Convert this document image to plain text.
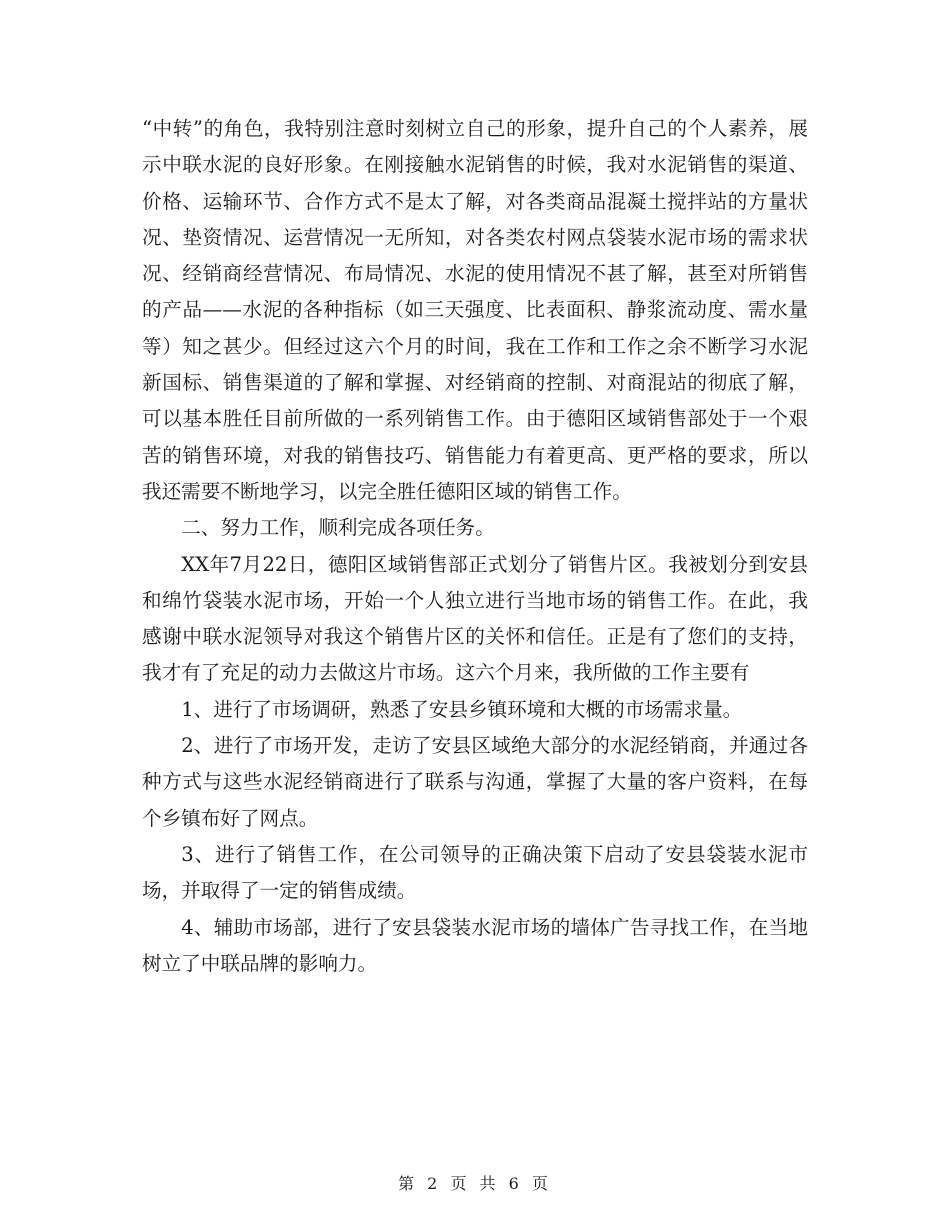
“中转”的角色，我特别注意时刻树立自己的形象，提升自己的个人素养，展示中联水泥的良好形象。在刚接触水泥销售的时候，我对水泥销售的渠道、价格、运输环节、合作方式不是太了解，对各类商品混凝土搅拌站的方量状况、垫资情况、运营情况一无所知，对各类农村网点袋装水泥市场的需求状况、经销商经营情况、布局情况、水泥的使用情况不甚了解，甚至对所销售的产品——水泥的各种指标（如三天强度、比表面积、静浆流动度、需水量等）知之甚少。但经过这六个月的时间，我在工作和工作之余不断学习水泥新国标、销售渠道的了解和掌握、对经销商的控制、对商混站的彻底了解，可以基本胜任目前所做的一系列销售工作。由于德阳区域销售部处于一个艰苦的销售环境，对我的销售技巧、销售能力有着更高、更严格的要求，所以我还需要不断地学习，以完全胜任德阳区域的销售工作。

二、努力工作，顺利完成各项任务。

XX年7月22日，德阳区域销售部正式划分了销售片区。我被划分到安县和绵竹袋装水泥市场，开始一个人独立进行当地市场的销售工作。在此，我感谢中联水泥领导对我这个销售片区的关怀和信任。正是有了您们的支持，我才有了充足的动力去做这片市场。这六个月来，我所做的工作主要有

1、进行了市场调研，熟悉了安县乡镇环境和大概的市场需求量。

2、进行了市场开发，走访了安县区域绝大部分的水泥经销商，并通过各种方式与这些水泥经销商进行了联系与沟通，掌握了大量的客户资料，在每个乡镇布好了网点。

3、进行了销售工作，在公司领导的正确决策下启动了安县袋装水泥市场，并取得了一定的销售成绩。

4、辅助市场部，进行了安县袋装水泥市场的墙体广告寻找工作，在当地树立了中联品牌的影响力。

第 2 页 共 6 页
